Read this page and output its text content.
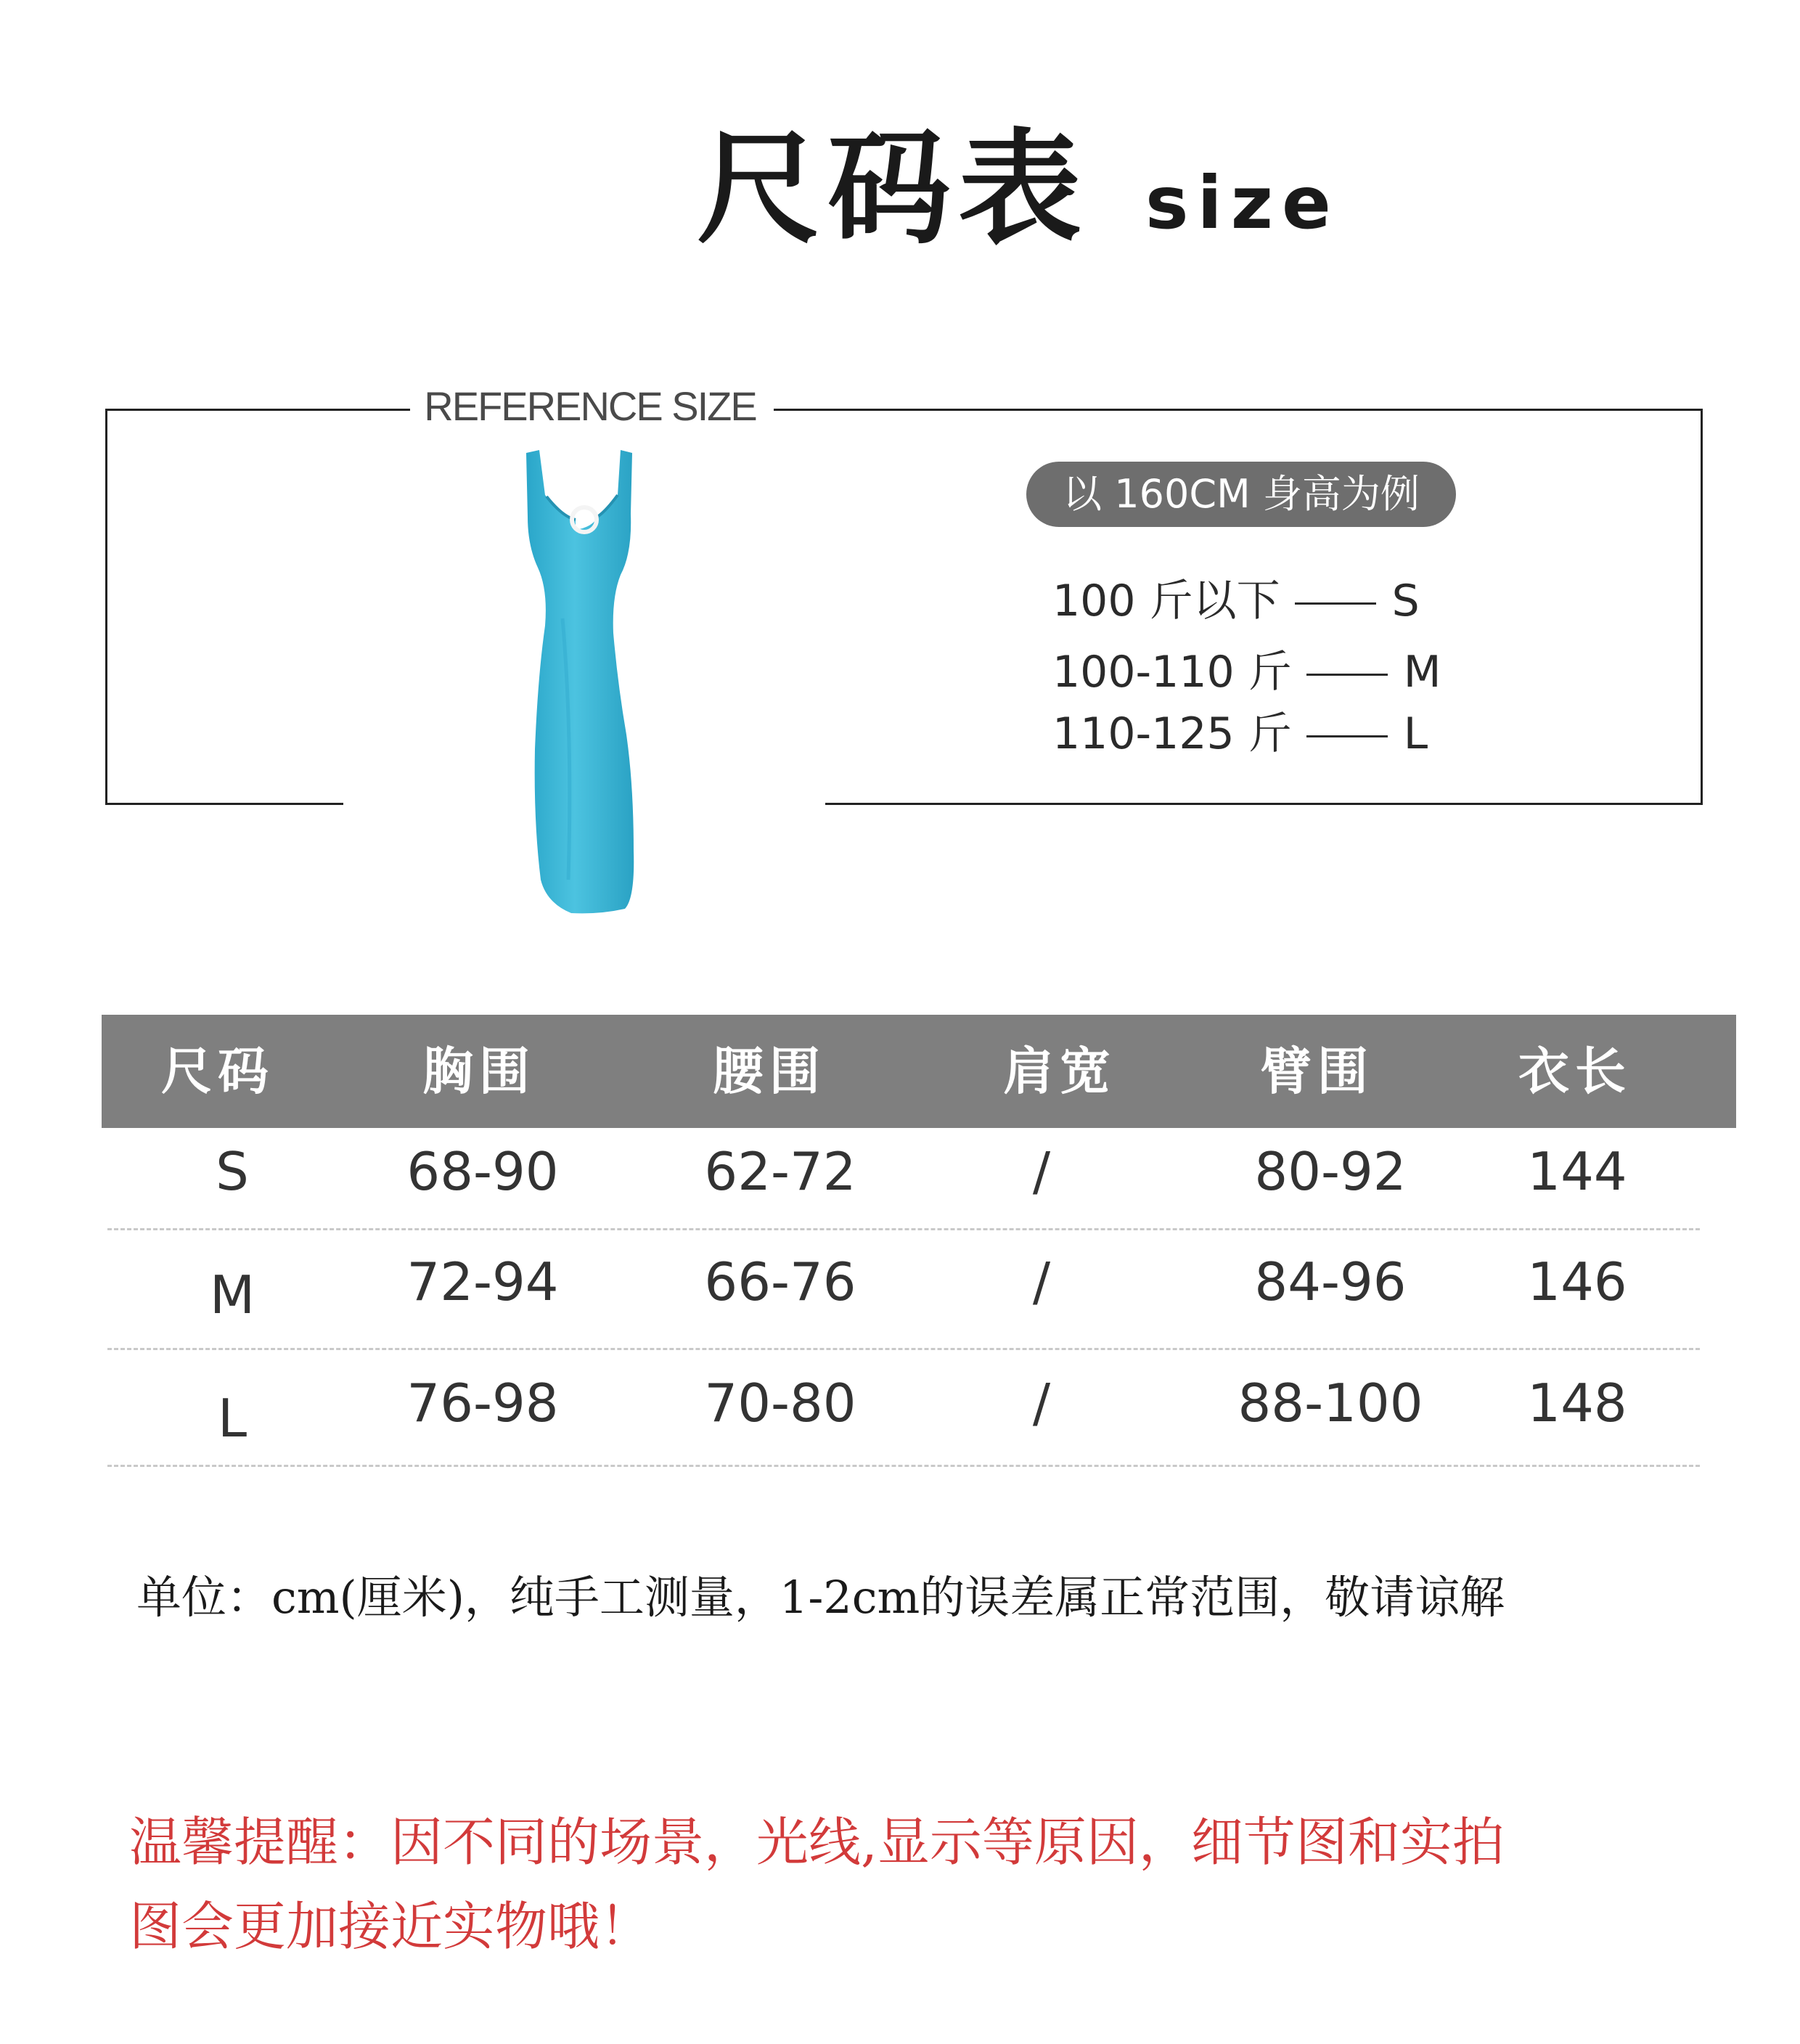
尺码表 size
REFERENCE SIZE
以 160CM 身高为例
100 斤以下	S
100-110 斤	M
110-125 斤	L
尺码	胸围	腰围	肩宽	臂围	衣长
S	68-90	62-72	/	80-92	144
M	72-94	66-76	/	84-96	146
L	76-98	70-80	/	88-100	148
单位：cm(厘米)，纯手工测量，1-2cm的误差属正常范围，敬请谅解
温馨提醒：因不同的场景，光线,显示等原因，细节图和实拍
图会更加接近实物哦！
